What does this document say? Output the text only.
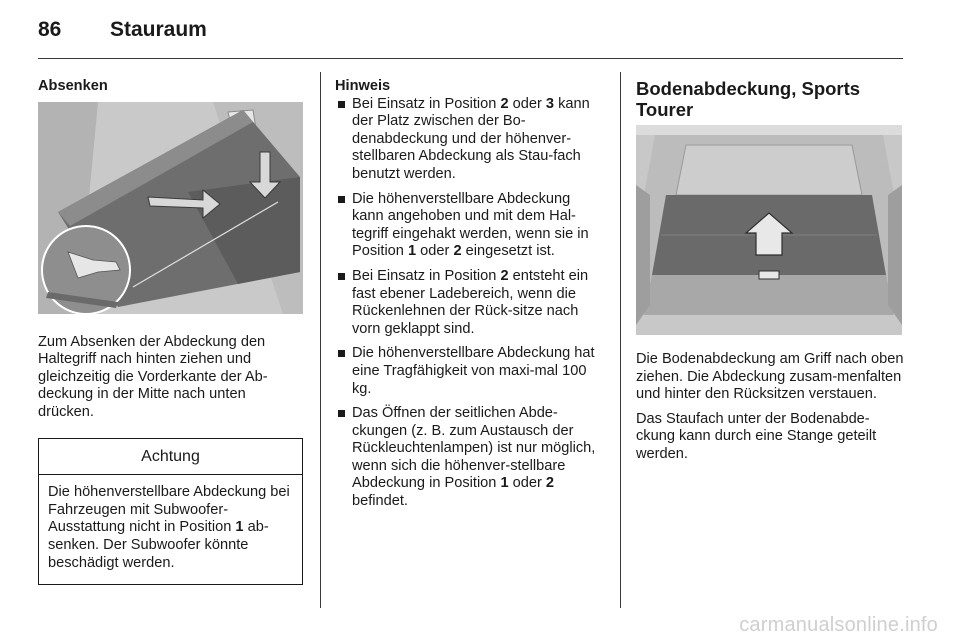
86 Stauraum
Absenken

Zum Absenken der Abdeckung den Haltegriff nach hinten ziehen und gleichzeitig die Vorderkante der Ab-deckung in der Mitte nach unten drücken.

Achtung
Die höhenverstellbare Abdeckung bei Fahrzeugen mit Subwoofer-Ausstattung nicht in Position 1 ab-senken. Der Subwoofer könnte beschädigt werden.
Hinweis
Bei Einsatz in Position 2 oder 3 kann der Platz zwischen der Bo-denabdeckung und der höhenver-stellbaren Abdeckung als Stau-fach benutzt werden.
Die höhenverstellbare Abdeckung kann angehoben und mit dem Hal-tegriff eingehakt werden, wenn sie in Position 1 oder 2 eingesetzt ist.
Bei Einsatz in Position 2 entsteht ein fast ebener Ladebereich, wenn die Rückenlehnen der Rück-sitze nach vorn geklappt sind.
Die höhenverstellbare Abdeckung hat eine Tragfähigkeit von maxi-mal 100 kg.
Das Öffnen der seitlichen Abde-ckungen (z. B. zum Austausch der Rückleuchtenlampen) ist nur möglich, wenn sich die höhenver-stellbare Abdeckung in Position 1 oder 2 befindet.
Bodenabdeckung, Sports Tourer

Die Bodenabdeckung am Griff nach oben ziehen. Die Abdeckung zusam-menfalten und hinter den Rücksitzen verstauen.

Das Staufach unter der Bodenabde-ckung kann durch eine Stange geteilt werden.

carmanualsonline.info
